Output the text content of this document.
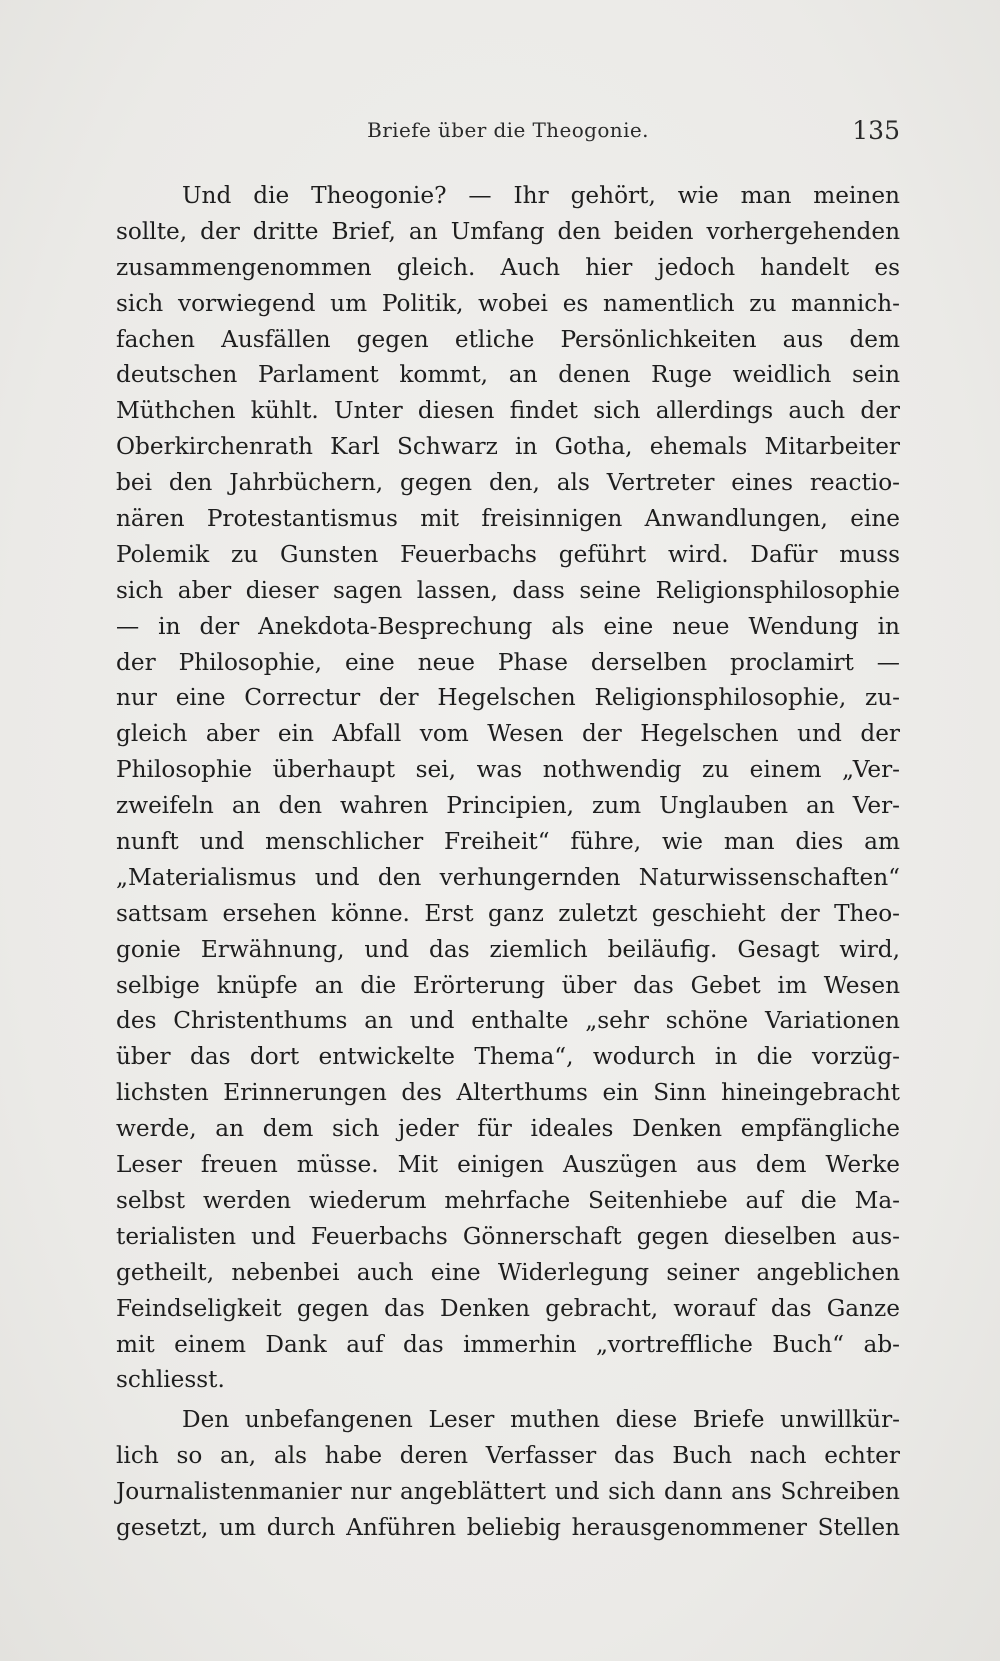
Briefe über die Theogonie.	135
Und die Theogonie? — Ihr gehört, wie man meinen
sollte, der dritte Brief, an Umfang den beiden vorhergehenden
zusammengenommen gleich. Auch hier jedoch handelt es
sich vorwiegend um Politik, wobei es namentlich zu mannich-
fachen Ausfällen gegen etliche Persönlichkeiten aus dem
deutschen Parlament kommt, an denen Ruge weidlich sein
Müthchen kühlt. Unter diesen findet sich allerdings auch der
Oberkirchenrath Karl Schwarz in Gotha, ehemals Mitarbeiter
bei den Jahrbüchern, gegen den, als Vertreter eines reactio-
nären Protestantismus mit freisinnigen Anwandlungen, eine
Polemik zu Gunsten Feuerbachs geführt wird. Dafür muss
sich aber dieser sagen lassen, dass seine Religionsphilosophie
— in der Anekdota-Besprechung als eine neue Wendung in
der Philosophie, eine neue Phase derselben proclamirt —
nur eine Correctur der Hegelschen Religionsphilosophie, zu-
gleich aber ein Abfall vom Wesen der Hegelschen und der
Philosophie überhaupt sei, was nothwendig zu einem „Ver-
zweifeln an den wahren Principien, zum Unglauben an Ver-
nunft und menschlicher Freiheit“ führe, wie man dies am
„Materialismus und den verhungernden Naturwissenschaften“
sattsam ersehen könne. Erst ganz zuletzt geschieht der Theo-
gonie Erwähnung, und das ziemlich beiläufig. Gesagt wird,
selbige knüpfe an die Erörterung über das Gebet im Wesen
des Christenthums an und enthalte „sehr schöne Variationen
über das dort entwickelte Thema“, wodurch in die vorzüg-
lichsten Erinnerungen des Alterthums ein Sinn hineingebracht
werde, an dem sich jeder für ideales Denken empfängliche
Leser freuen müsse. Mit einigen Auszügen aus dem Werke
selbst werden wiederum mehrfache Seitenhiebe auf die Ma-
terialisten und Feuerbachs Gönnerschaft gegen dieselben aus-
getheilt, nebenbei auch eine Widerlegung seiner angeblichen
Feindseligkeit gegen das Denken gebracht, worauf das Ganze
mit einem Dank auf das immerhin „vortreffliche Buch“ ab-
schliesst.
Den unbefangenen Leser muthen diese Briefe unwillkür-
lich so an, als habe deren Verfasser das Buch nach echter
Journalistenmanier nur angeblättert und sich dann ans Schreiben
gesetzt, um durch Anführen beliebig herausgenommener Stellen
